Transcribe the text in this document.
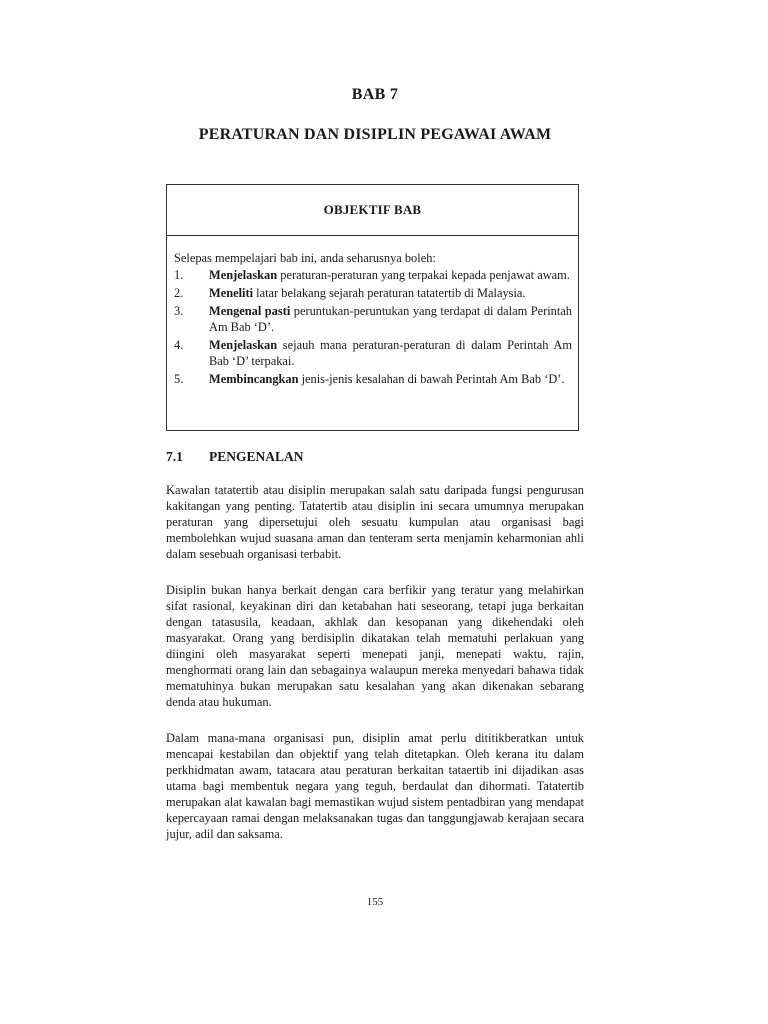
BAB 7
PERATURAN DAN DISIPLIN PEGAWAI AWAM
OBJEKTIF BAB

Selepas mempelajari bab ini, anda seharusnya boleh:

1.	Menjelaskan peraturan-peraturan yang terpakai kepada penjawat awam.
2.	Meneliti latar belakang sejarah peraturan tatatertib di Malaysia.
3.	Mengenal pasti peruntukan-peruntukan yang terdapat di dalam Perintah Am Bab ‘D’.
4.	Menjelaskan sejauh mana peraturan-peraturan di dalam Perintah Am Bab ‘D’ terpakai.
5.	Membincangkan jenis-jenis kesalahan di bawah Perintah Am Bab ‘D’.
7.1	PENGENALAN

Kawalan tatatertib atau disiplin merupakan salah satu daripada fungsi pengurusan kakitangan yang penting. Tatatertib atau disiplin ini secara umumnya merupakan peraturan yang dipersetujui oleh sesuatu kumpulan atau organisasi bagi membolehkan wujud suasana aman dan tenteram serta menjamin keharmonian ahli dalam sesebuah organisasi terbabit.

Disiplin bukan hanya berkait dengan cara berfikir yang teratur yang melahirkan sifat rasional, keyakinan diri dan ketabahan hati seseorang, tetapi juga berkaitan dengan tatasusila, keadaan, akhlak dan kesopanan yang dikehendaki oleh masyarakat. Orang yang berdisiplin dikatakan telah mematuhi perlakuan yang diingini oleh masyarakat seperti menepati janji, menepati waktu, rajin, menghormati orang lain dan sebagainya walaupun mereka menyedari bahawa tidak mematuhinya bukan merupakan satu kesalahan yang akan dikenakan sebarang denda atau hukuman.

Dalam mana-mana organisasi pun, disiplin amat perlu dititikberatkan untuk mencapai kestabilan dan objektif yang telah ditetapkan. Oleh kerana itu dalam perkhidmatan awam, tatacara atau peraturan berkaitan tataertib ini dijadikan asas utama bagi membentuk negara yang teguh, berdaulat dan dihormati. Tatatertib merupakan alat kawalan bagi memastikan wujud sistem pentadbiran yang mendapat kepercayaan ramai dengan melaksanakan tugas dan tanggungjawab kerajaan secara jujur, adil dan saksama.

155
